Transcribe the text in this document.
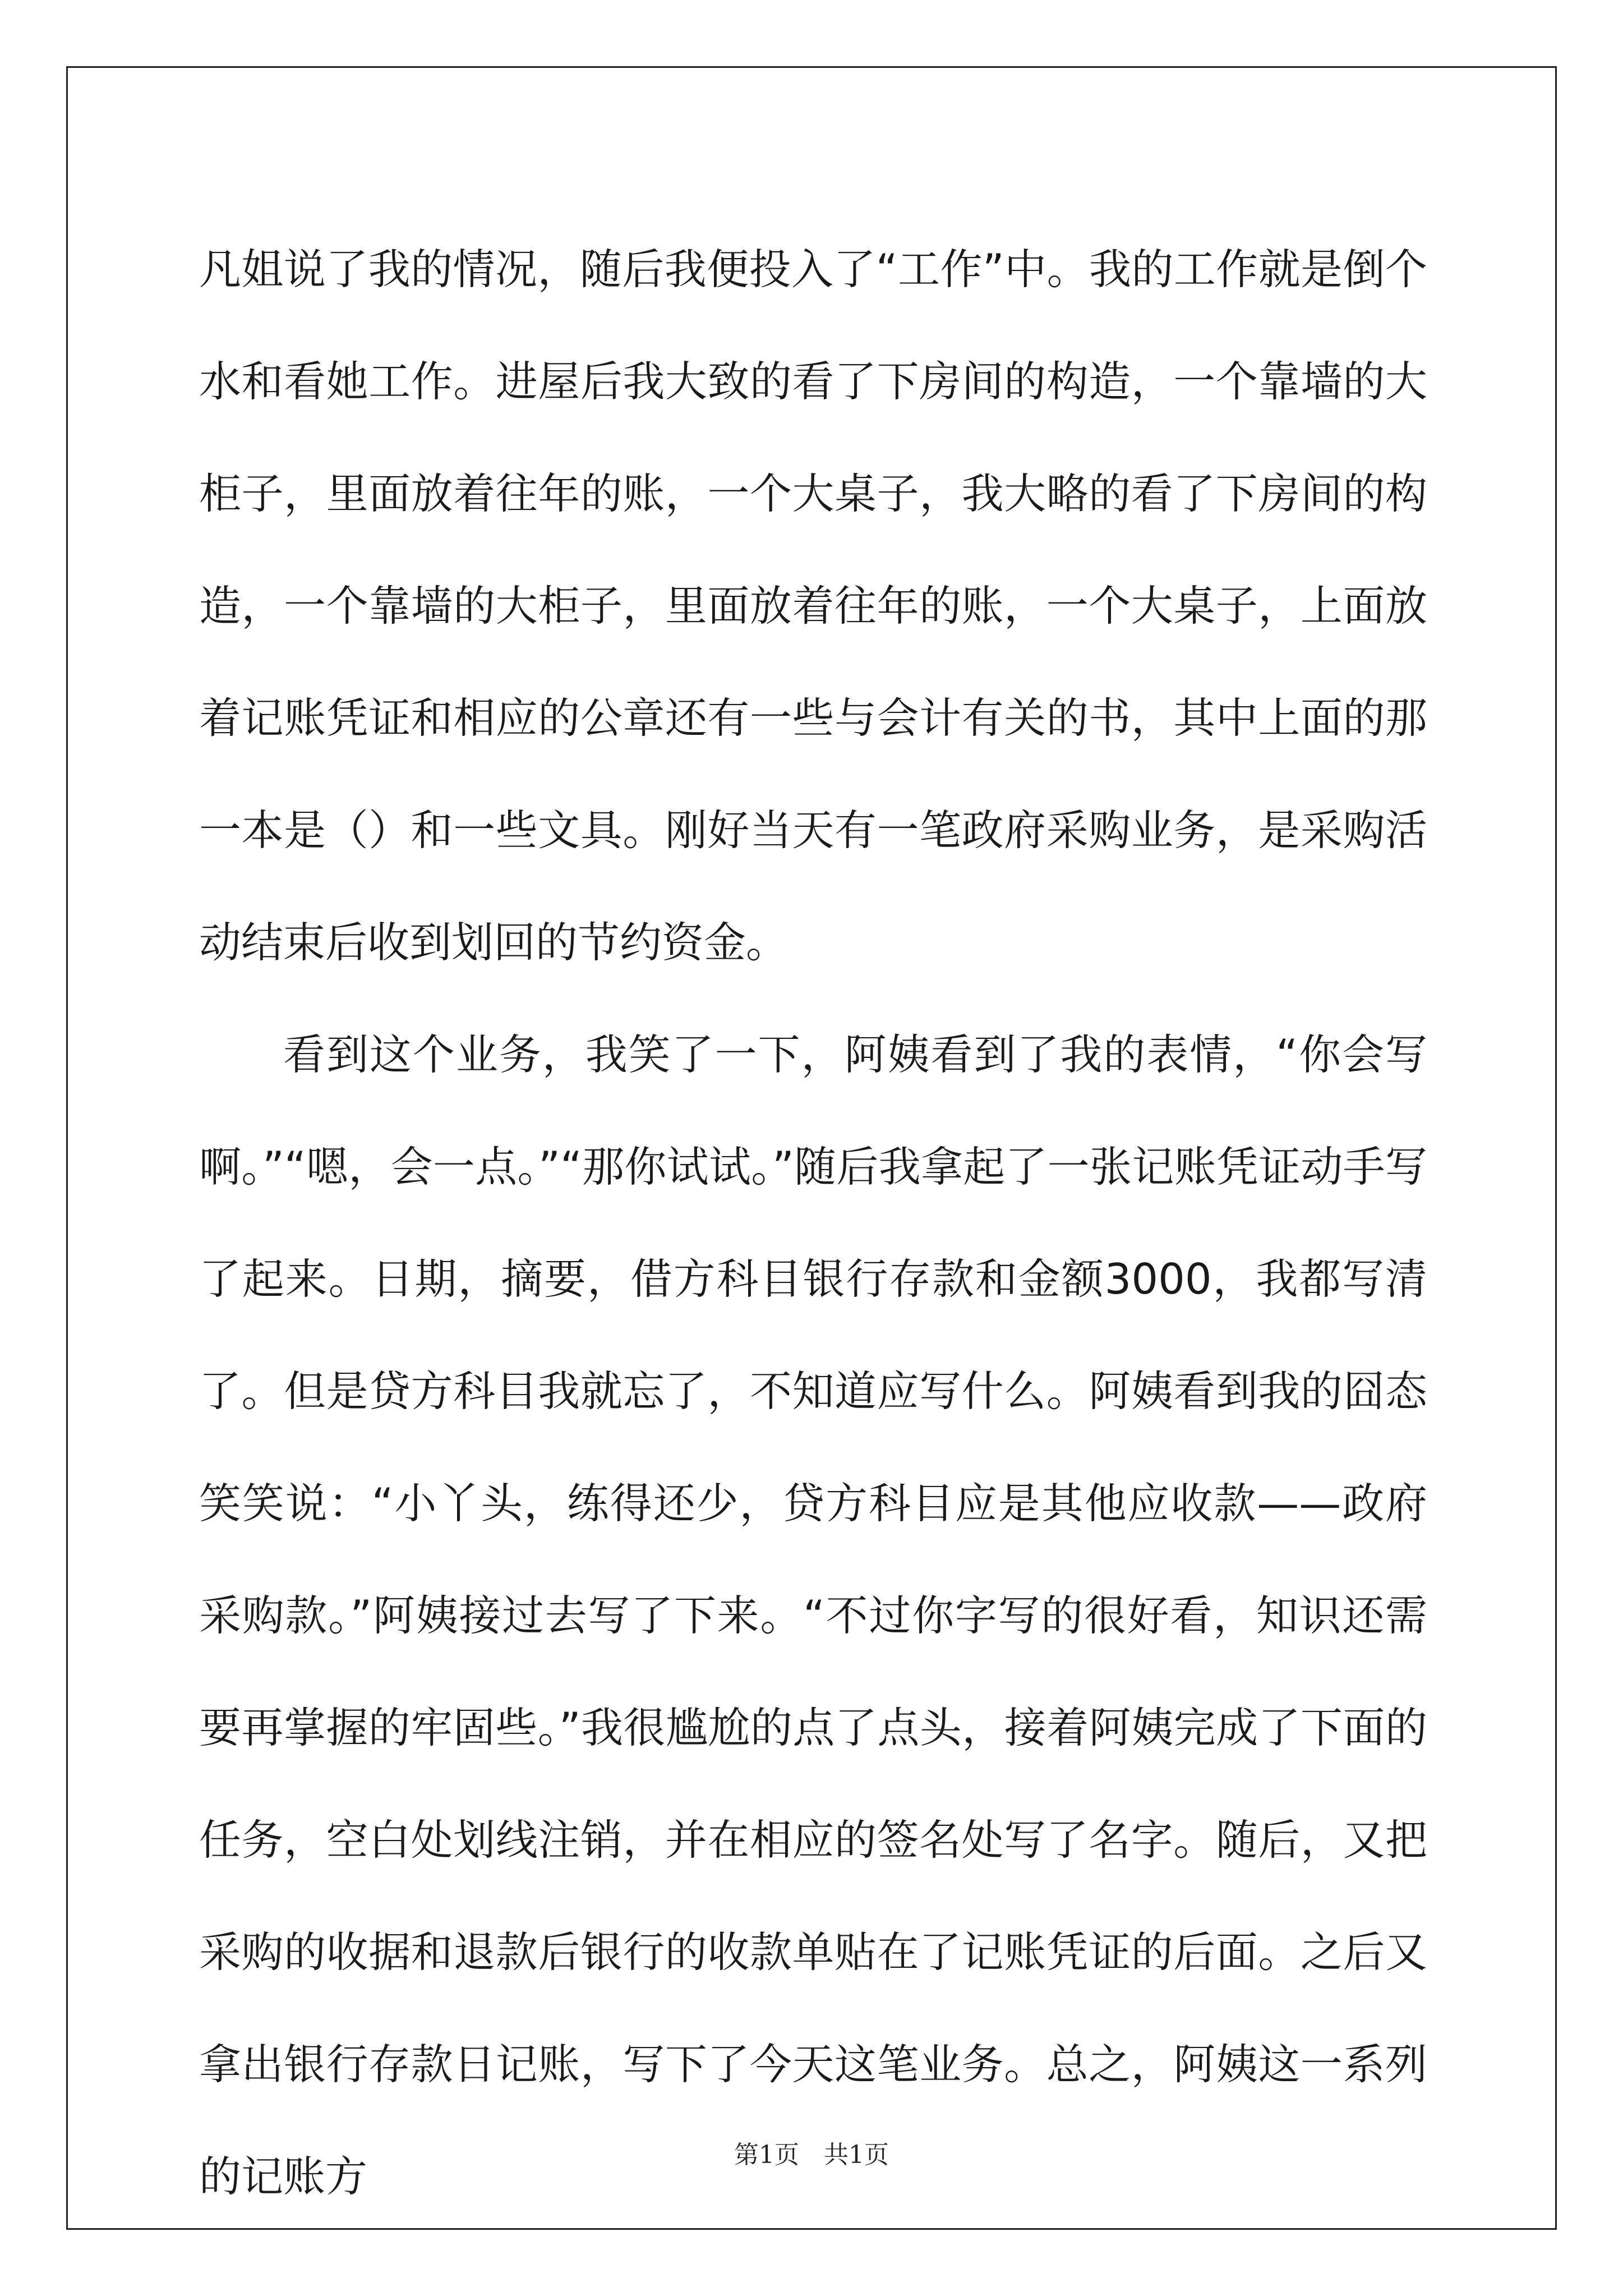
凡姐说了我的情况，随后我便投入了“工作”中。我的工作就是倒个水和看她工作。进屋后我大致的看了下房间的构造，一个靠墙的大柜子，里面放着往年的账，一个大桌子，我大略的看了下房间的构造，一个靠墙的大柜子，里面放着往年的账，一个大桌子，上面放着记账凭证和相应的公章还有一些与会计有关的书，其中上面的那一本是（）和一些文具。刚好当天有一笔政府采购业务，是采购活动结束后收到划回的节约资金。

看到这个业务，我笑了一下，阿姨看到了我的表情，“你会写啊。”“嗯，会一点。”“那你试试。”随后我拿起了一张记账凭证动手写了起来。日期，摘要，借方科目银行存款和金额3000，我都写清了。但是贷方科目我就忘了，不知道应写什么。阿姨看到我的囧态笑笑说：“小丫头，练得还少，贷方科目应是其他应收款——政府采购款。”阿姨接过去写了下来。“不过你字写的很好看，知识还需要再掌握的牢固些。”我很尴尬的点了点头，接着阿姨完成了下面的任务，空白处划线注销，并在相应的签名处写了名字。随后，又把采购的收据和退款后银行的收款单贴在了记账凭证的后面。之后又拿出银行存款日记账，写下了今天这笔业务。总之，阿姨这一系列的记账方	第1页　共1页
